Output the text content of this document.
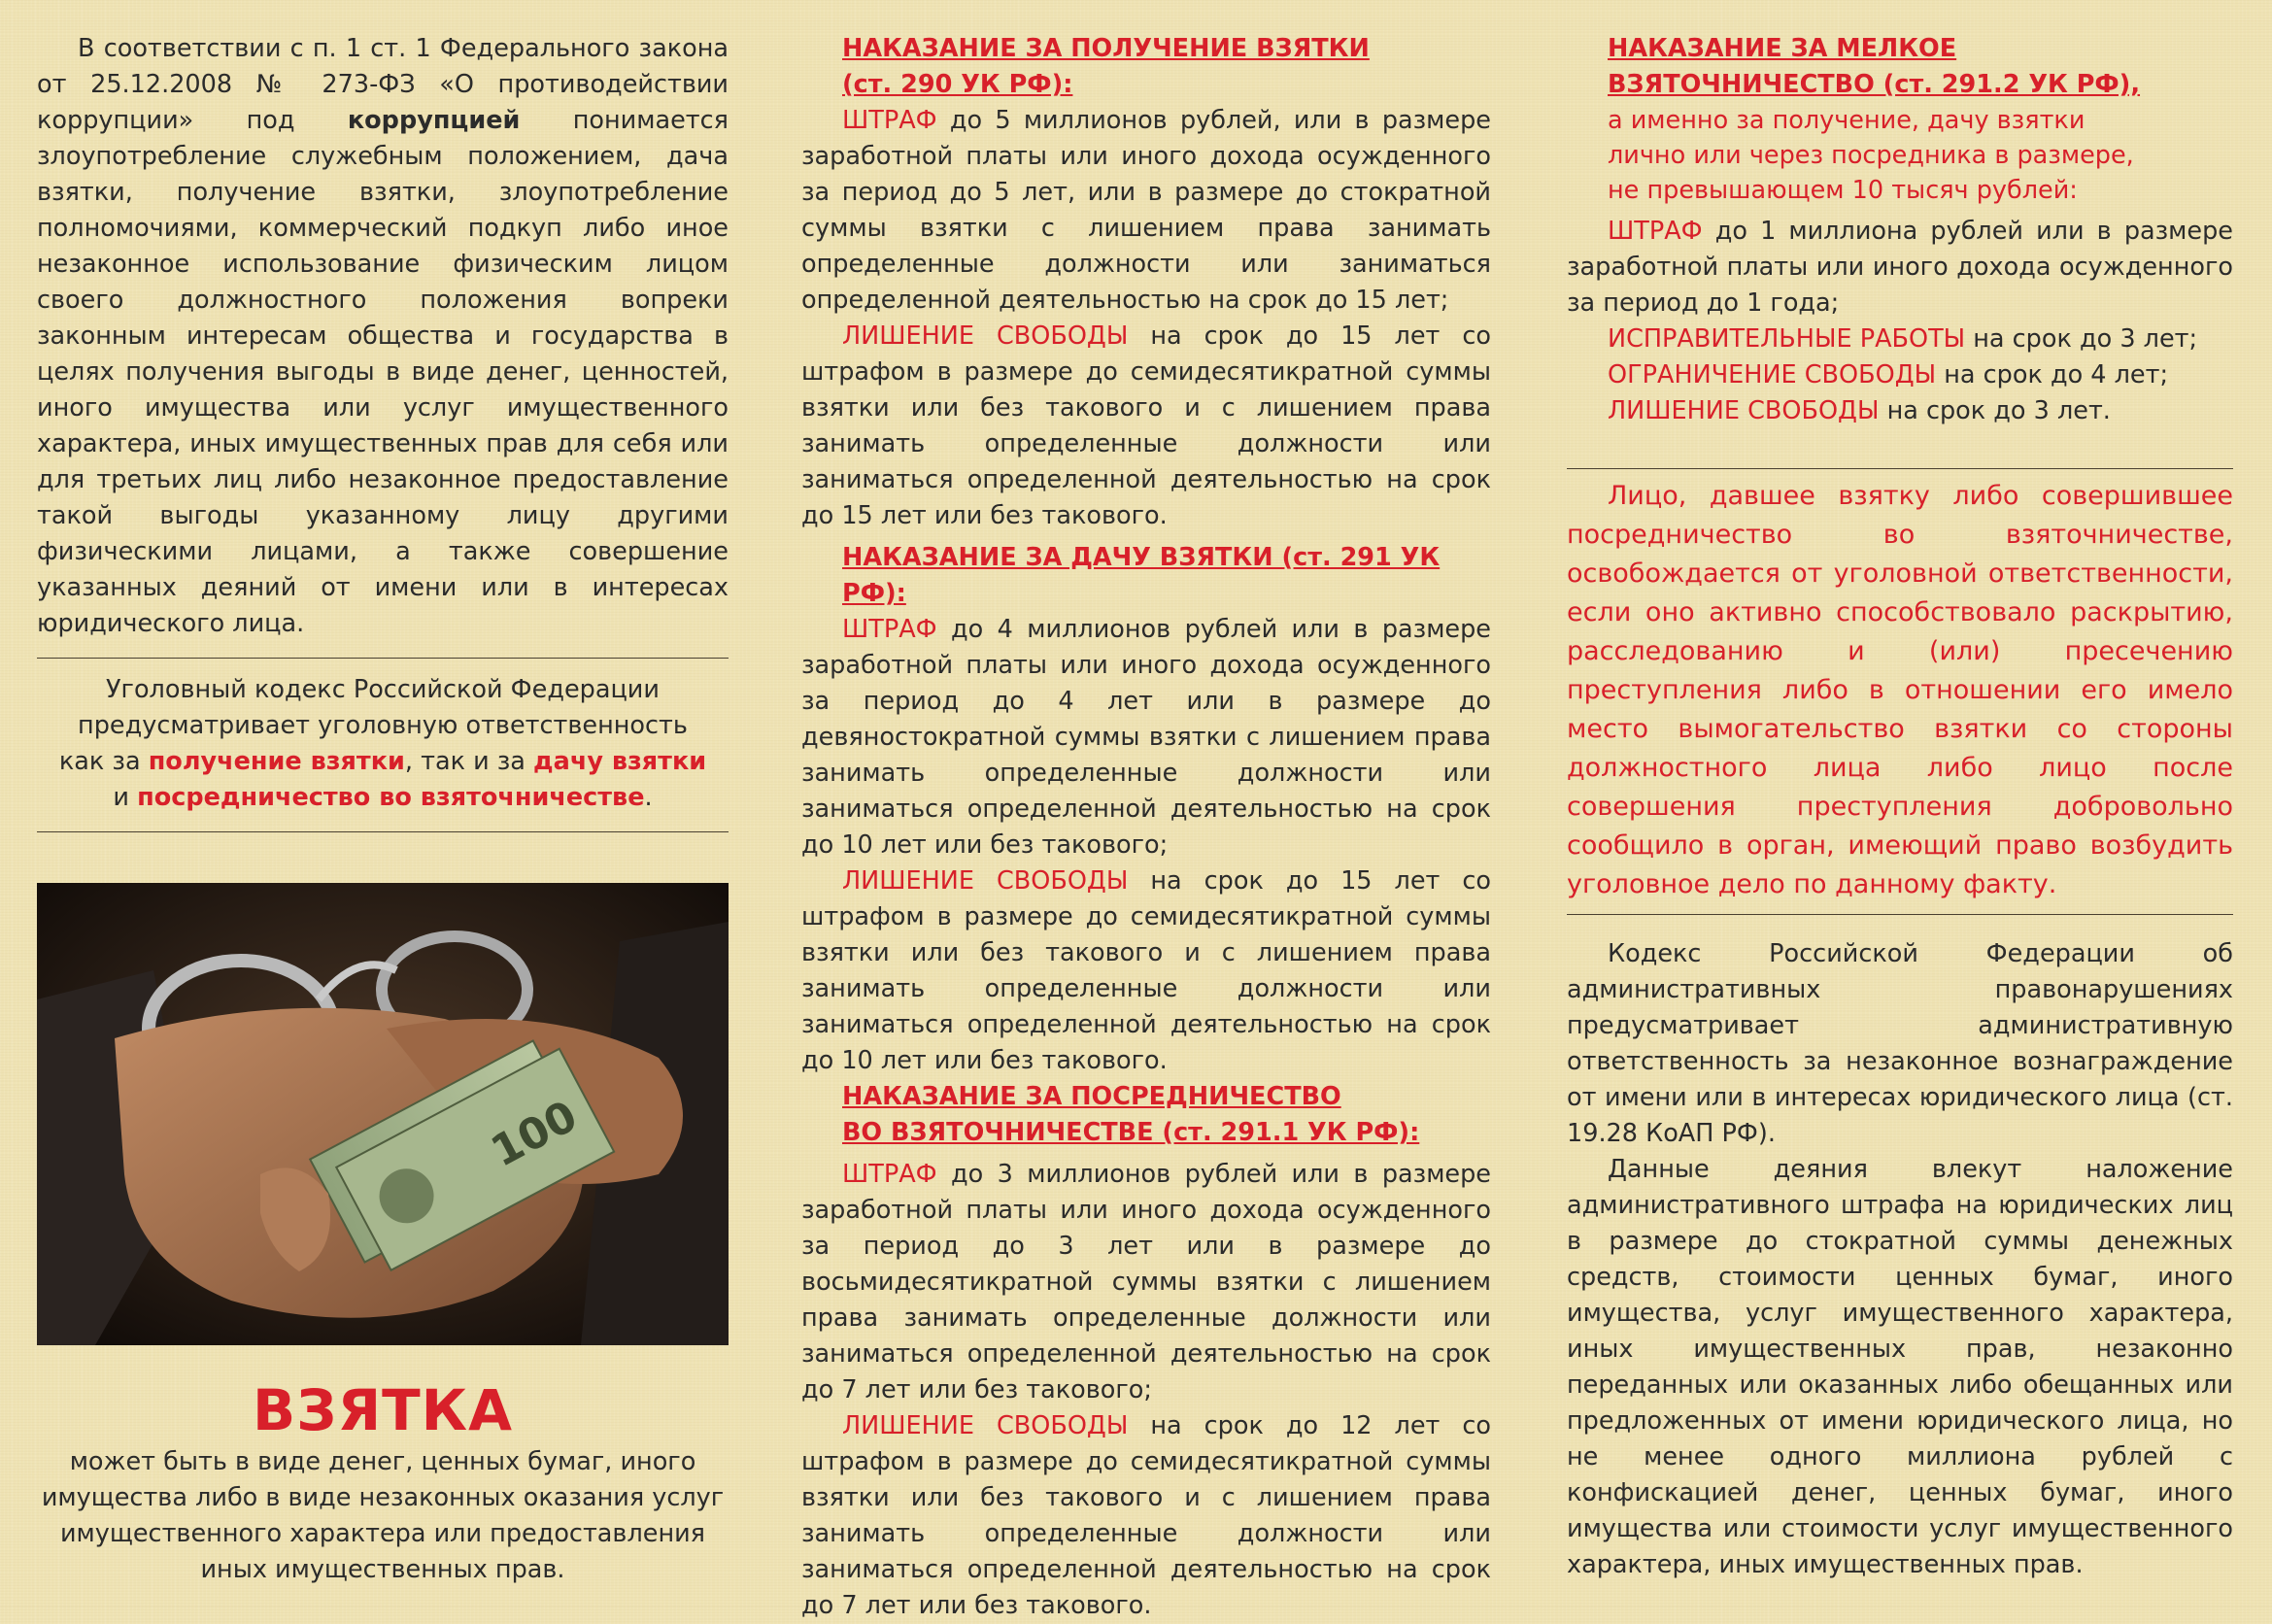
В соответствии с п. 1 ст. 1 Федерального закона от 25.12.2008 № 273-ФЗ «О противодействии коррупции» под коррупцией понимается злоупотребление служебным положением, дача взятки, получение взятки, злоупотребление полномочиями, коммерческий подкуп либо иное незаконное использование физическим лицом своего должностного положения вопреки законным интересам общества и государства в целях получения выгоды в виде денег, ценностей, иного имущества или услуг имущественного характера, иных имущественных прав для себя или для третьих лиц либо незаконное предоставление такой выгоды указанному лицу другими физическими лицами, а также совершение указанных деяний от имени или в интересах юридического лица.

Уголовный кодекс Российской Федерации
предусматривает уголовную ответственность
как за получение взятки, так и за дачу взятки
и посредничество во взяточничестве.
100
ВЗЯТКА
может быть в виде денег, ценных бумаг, иного
имущества либо в виде незаконных оказания услуг
имущественного характера или предоставления
иных имущественных прав.
НАКАЗАНИЕ ЗА ПОЛУЧЕНИЕ ВЗЯТКИ
(ст. 290 УК РФ):

ШТРАФ до 5 миллионов рублей, или в размере заработной платы или иного дохода осужденного за период до 5 лет, или в размере до стократной суммы взятки с лишением права занимать определенные должности или заниматься определенной деятельностью на срок до 15 лет;

ЛИШЕНИЕ СВОБОДЫ на срок до 15 лет со штрафом в размере до семидесятикратной суммы взятки или без такового и с лишением права занимать определенные должности или заниматься определенной деятельностью на срок до 15 лет или без такового.

НАКАЗАНИЕ ЗА ДАЧУ ВЗЯТКИ (ст. 291 УК РФ):

ШТРАФ до 4 миллионов рублей или в размере заработной платы или иного дохода осужденного за период до 4 лет или в размере до девяностократной суммы взятки с лишением права занимать определенные должности или заниматься определенной деятельностью на срок до 10 лет или без такового;

ЛИШЕНИЕ СВОБОДЫ на срок до 15 лет со штрафом в размере до семидесятикратной суммы взятки или без такового и с лишением права занимать определенные должности или заниматься определенной деятельностью на срок до 10 лет или без такового.

НАКАЗАНИЕ ЗА ПОСРЕДНИЧЕСТВО
ВО ВЗЯТОЧНИЧЕСТВЕ (ст. 291.1 УК РФ):

ШТРАФ до 3 миллионов рублей или в размере заработной платы или иного дохода осужденного за период до 3 лет или в размере до восьмидесятикратной суммы взятки с лишением права занимать определенные должности или заниматься определенной деятельностью на срок до 7 лет или без такового;

ЛИШЕНИЕ СВОБОДЫ на срок до 12 лет со штрафом в размере до семидесятикратной суммы взятки или без такового и с лишением права занимать определенные должности или заниматься определенной деятельностью на срок до 7 лет или без такового.

НАКАЗАНИЕ ЗА МЕЛКОЕ
ВЗЯТОЧНИЧЕСТВО (ст. 291.2 УК РФ),
а именно за получение, дачу взятки
лично или через посредника в размере,
не превышающем 10 тысяч рублей:

ШТРАФ до 1 миллиона рублей или в размере заработной платы или иного дохода осужденного за период до 1 года;

ИСПРАВИТЕЛЬНЫЕ РАБОТЫ на срок до 3 лет;

ОГРАНИЧЕНИЕ СВОБОДЫ на срок до 4 лет;

ЛИШЕНИЕ СВОБОДЫ на срок до 3 лет.

Лицо, давшее взятку либо совершившее посредничество во взяточничестве, освобождается от уголовной ответственности, если оно активно способствовало раскрытию, расследованию и (или) пресечению преступления либо в отношении его имело место вымогательство взятки со стороны должностного лица либо лицо после совершения преступления добровольно сообщило в орган, имеющий право возбудить уголовное дело по данному факту.

Кодекс Российской Федерации об административных правонарушениях предусматривает административную ответственность за незаконное вознаграждение от имени или в интересах юридического лица (ст. 19.28 КоАП РФ).

Данные деяния влекут наложение административного штрафа на юридических лиц в размере до стократной суммы денежных средств, стоимости ценных бумаг, иного имущества, услуг имущественного характера, иных имущественных прав, незаконно переданных или оказанных либо обещанных или предложенных от имени юридического лица, но не менее одного миллиона рублей с конфискацией денег, ценных бумаг, иного имущества или стоимости услуг имущественного характера, иных имущественных прав.
